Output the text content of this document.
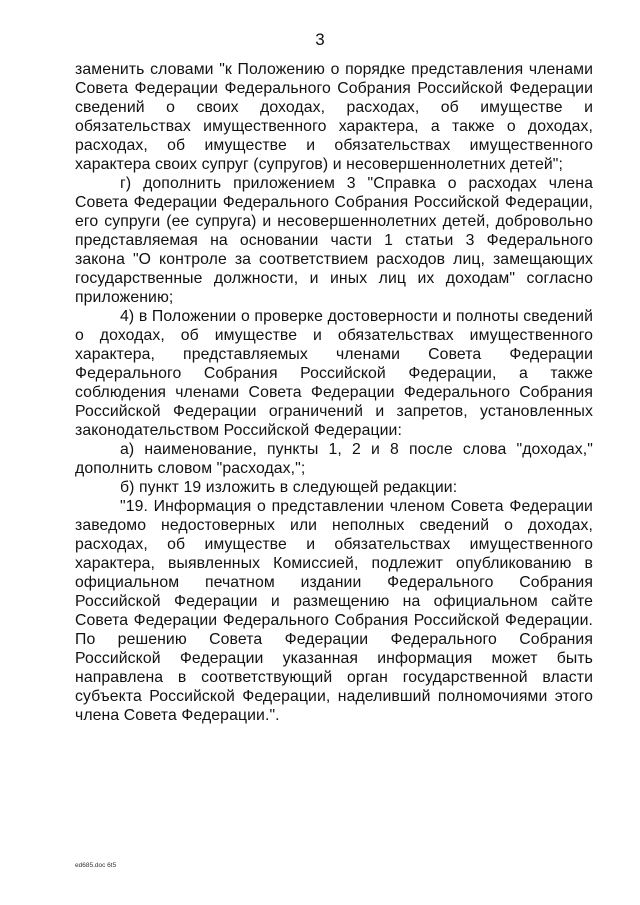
3

заменить словами "к Положению о порядке представления членами Совета Федерации Федерального Собрания Российской Федерации сведений о своих доходах, расходах, об имуществе и обязательствах имущественного характера, а также о доходах, расходах, об имуществе и обязательствах имущественного характера своих супруг (супругов) и несовершеннолетних детей";

г) дополнить приложением 3 "Справка о расходах члена Совета Федерации Федерального Собрания Российской Федерации, его супруги (ее супруга) и несовершеннолетних детей, добровольно представляемая на основании части 1 статьи 3 Федерального закона "О контроле за соответствием расходов лиц, замещающих государственные должности, и иных лиц их доходам" согласно приложению;

4) в Положении о проверке достоверности и полноты сведений о доходах, об имуществе и обязательствах имущественного характера, представляемых членами Совета Федерации Федерального Собрания Российской Федерации, а также соблюдения членами Совета Федерации Федерального Собрания Российской Федерации ограничений и запретов, установленных законодательством Российской Федерации:

а) наименование, пункты 1, 2 и 8 после слова "доходах," дополнить словом "расходах,";

б) пункт 19 изложить в следующей редакции:

"19. Информация о представлении членом Совета Федерации заведомо недостоверных или неполных сведений о доходах, расходах, об имуществе и обязательствах имущественного характера, выявленных Комиссией, подлежит опубликованию в официальном печатном издании Федерального Собрания Российской Федерации и размещению на официальном сайте Совета Федерации Федерального Собрания Российской Федерации. По решению Совета Федерации Федерального Собрания Российской Федерации указанная информация может быть направлена в соответствующий орган государственной власти субъекта Российской Федерации, наделивший полномочиями этого члена Совета Федерации.".

ed685.doc 6t5
